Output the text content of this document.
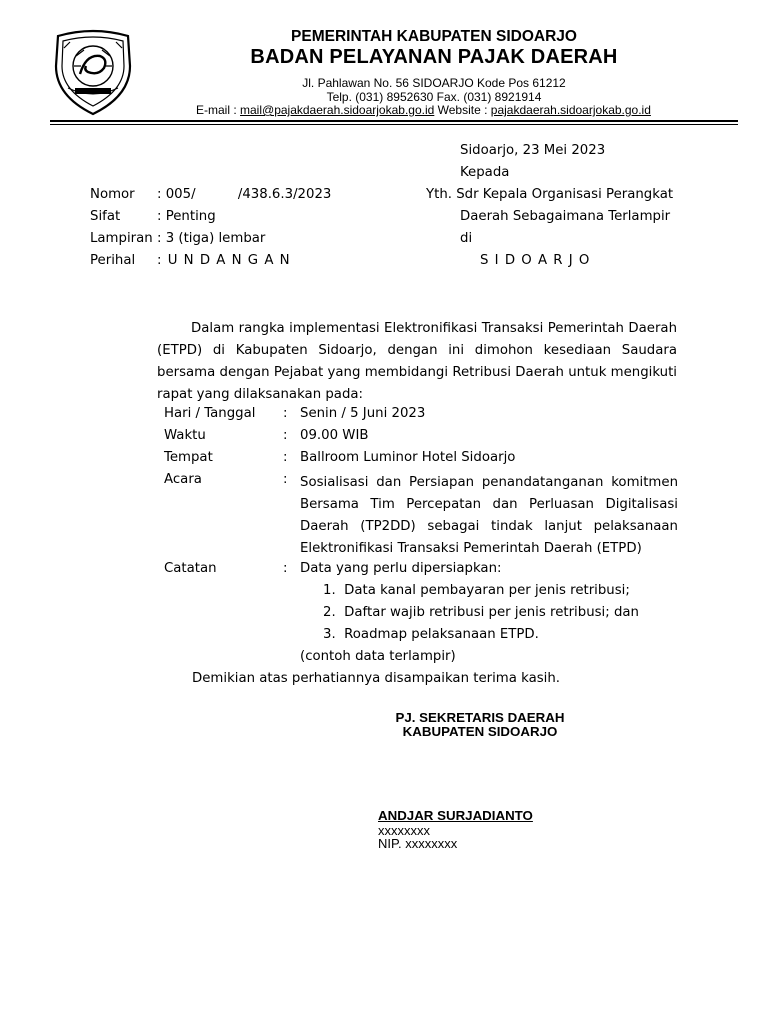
PEMERINTAH KABUPATEN SIDOARJO
BADAN PELAYANAN PAJAK DAERAH
Jl. Pahlawan No. 56 SIDOARJO Kode Pos 61212
Telp. (031) 8952630 Fax. (031) 8921914
E-mail : mail@pajakdaerah.sidoarjokab.go.id Website : pajakdaerah.sidoarjokab.go.id
Sidoarjo, 23 Mei 2023
Kepada
Yth. Sdr Kepala Organisasi Perangkat
Daerah Sebagaimana Terlampir
di
S I D O A R J O
Nomor : 005/          /438.6.3/2023
Sifat	: Penting
Lampiran : 3 (tiga) lembar
Perihal : U N D A N G A N

Dalam rangka implementasi Elektronifikasi Transaksi Pemerintah Daerah (ETPD) di Kabupaten Sidoarjo, dengan ini dimohon kesediaan Saudara bersama dengan Pejabat yang membidangi Retribusi Daerah untuk mengikuti rapat yang dilaksanakan pada:

Hari / Tanggal : Senin / 5 Juni 2023
Waktu	: 09.00 WIB
Tempat	: Ballroom Luminor Hotel Sidoarjo
Acara	: Sosialisasi dan Persiapan penandatanganan komitmen Bersama Tim Percepatan dan Perluasan Digitalisasi Daerah (TP2DD) sebagai tindak lanjut pelaksanaan Elektronifikasi Transaksi Pemerintah Daerah (ETPD)
Catatan	: Data yang perlu dipersiapkan:
1.  Data kanal pembayaran per jenis retribusi;
2.  Daftar wajib retribusi per jenis retribusi; dan
3.  Roadmap pelaksanaan ETPD.
(contoh data terlampir)
Demikian atas perhatiannya disampaikan terima kasih.
PJ. SEKRETARIS DAERAH
KABUPATEN SIDOARJO
ANDJAR SURJADIANTO
xxxxxxxx
NIP. xxxxxxxx
